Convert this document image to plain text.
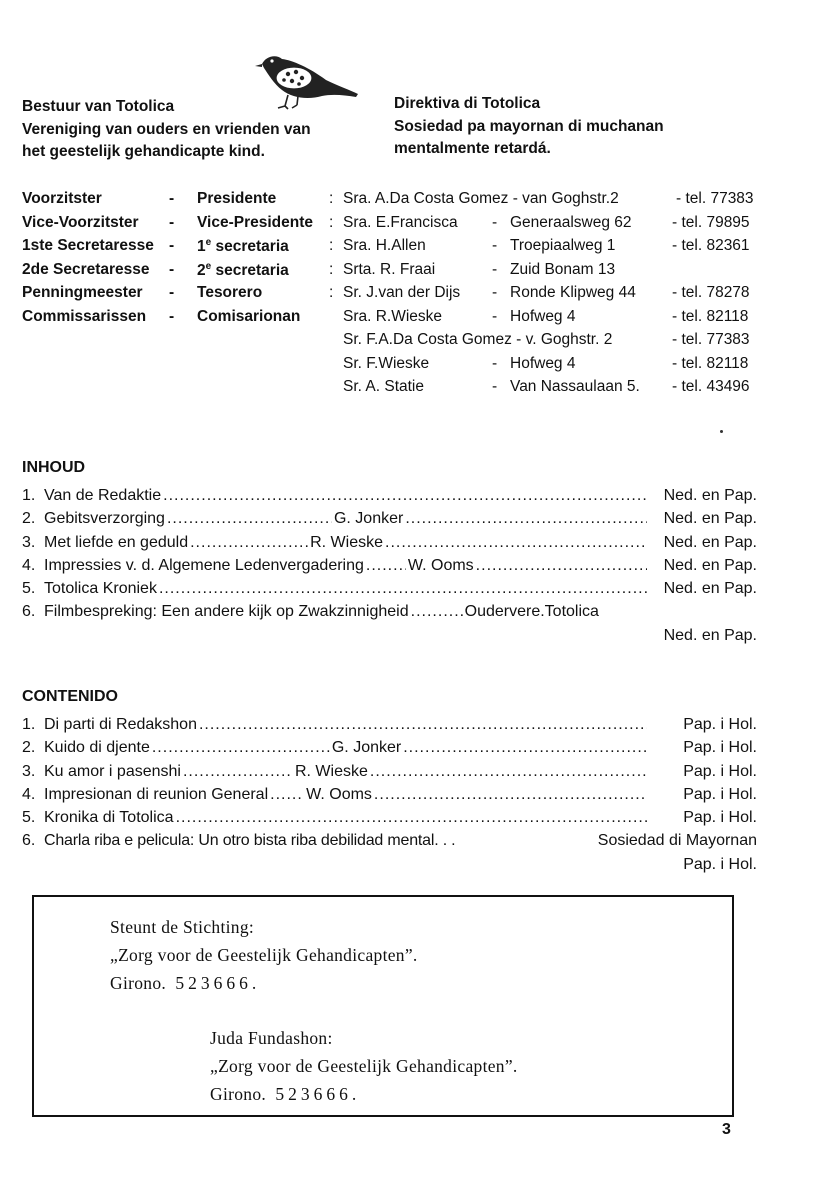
Bestuur van Totolica
Vereniging van ouders en vrienden van
het geestelijk gehandicapte kind.
Direktiva di Totolica
Sosiedad pa mayornan di muchanan
mentalmente retardá.
Voorzitster	- Presidente	: Sra. A.Da Costa Gomez - van Goghstr.2	- tel. 77383
Vice-Voorzitster - Vice-Presidente : Sra. E.Francisca - Generaalsweg 62	- tel. 79895
1ste Secretaresse - 1e secretaria	: Sra. H.Allen	- Troepiaalweg 1	- tel. 82361
2de Secretaresse - 2e secretaria	: Srta. R. Fraai	- Zuid Bonam 13
Penningmeester - Tesorero	: Sr. J.van der Dijs - Ronde Klipweg 44 - tel. 78278
Commissarissen - Comisarionan	Sra. R.Wieske	- Hofweg 4	- tel. 82118
Sr. F.A.Da Costa Gomez - v. Goghstr. 2	- tel. 77383
Sr. F.Wieske	- Hofweg 4	- tel. 82118
Sr. A. Statie	- Van Nassaulaan 5. - tel. 43496
INHOUD
1. Van de Redaktie .....	Ned. en Pap.
2. Gebitsverzorging .....	G. Jonker .....	Ned. en Pap.
3. Met liefde en geduld .....	R. Wieske .....	Ned. en Pap.
4. Impressies v. d. Algemene Ledenvergadering .....	W. Ooms .....	Ned. en Pap.
5. Totolica Kroniek .....	Ned. en Pap.
6. Filmbespreking: Een andere kijk op Zwakzinnigheid .....	Oudervere.Totolica
Ned. en Pap.
CONTENIDO
1. Di parti di Redakshon .....	Pap. i Hol.
2. Kuido di djente .....	G. Jonker .....	Pap. i Hol.
3. Ku amor i pasenshi .....	R. Wieske .....	Pap. i Hol.
4. Impresionan di reunion General ..... W. Ooms .....	Pap. i Hol.
5. Kronika di Totolica .....	Pap. i Hol.
6. Charla riba e pelicula: Un otro bista riba debilidad mental. . .	Sosiedad di Mayornan
Pap. i Hol.
Steunt de Stichting:
„Zorg voor de Geestelijk Gehandicapten”.
Girono. 523666.
Juda Fundashon:
„Zorg voor de Geestelijk Gehandicapten”.
Girono. 523666.
3
